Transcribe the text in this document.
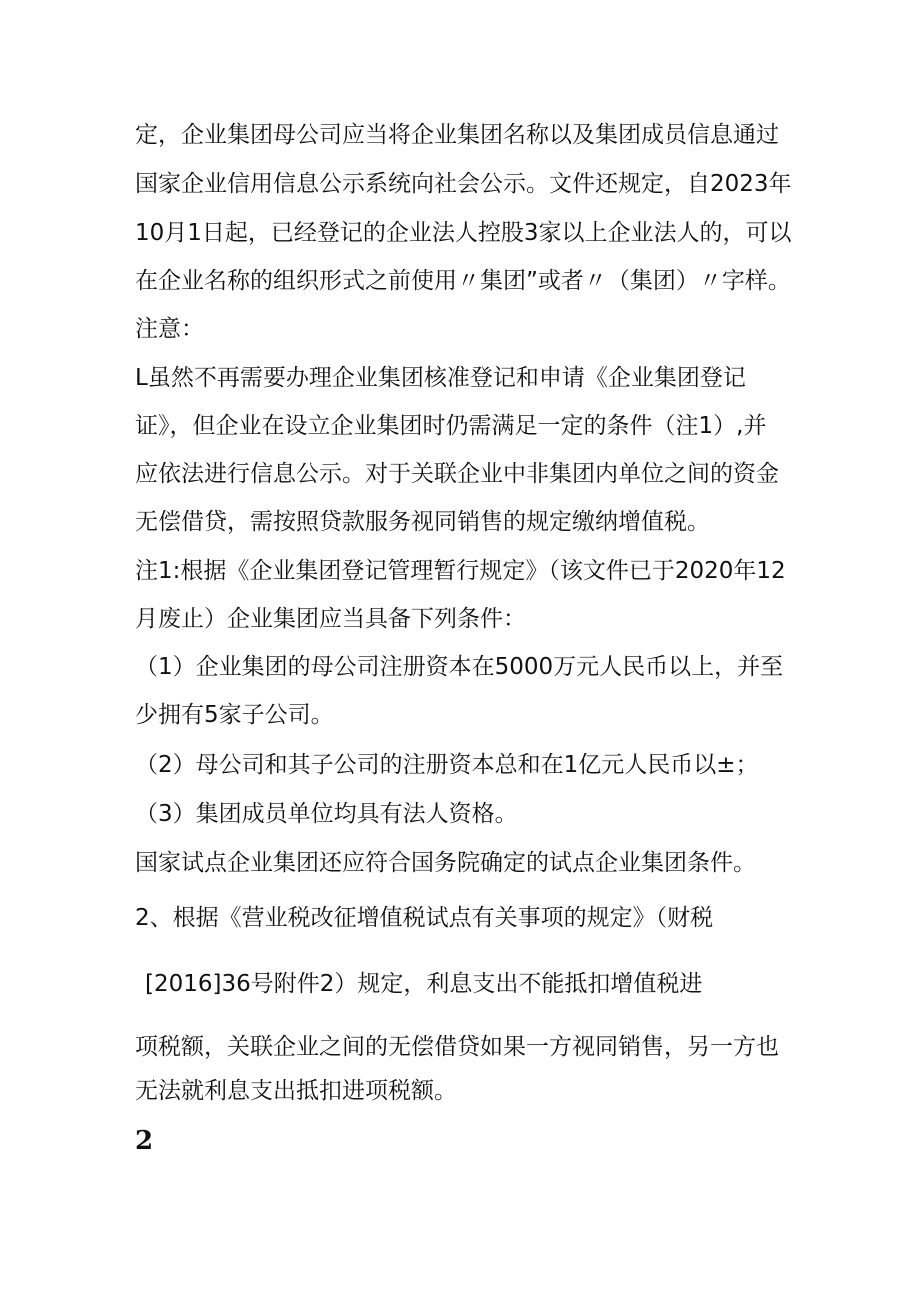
定，企业集团母公司应当将企业集团名称以及集团成员信息通过
国家企业信用信息公示系统向社会公示。文件还规定，自2023年
10月1日起，已经登记的企业法人控股3家以上企业法人的，可以
在企业名称的组织形式之前使用〃集团”或者〃（集团）〃字样。
注意：
L虽然不再需要办理企业集团核准登记和申请《企业集团登记
证》，但企业在设立企业集团时仍需满足一定的条件（注1）,并
应依法进行信息公示。对于关联企业中非集团内单位之间的资金
无偿借贷，需按照贷款服务视同销售的规定缴纳增值税。
注1:根据《企业集团登记管理暂行规定》（该文件已于2020年12
月废止）企业集团应当具备下列条件：
（1）企业集团的母公司注册资本在5000万元人民币以上，并至
少拥有5家子公司。
（2）母公司和其子公司的注册资本总和在1亿元人民币以±；
（3）集团成员单位均具有法人资格。
国家试点企业集团还应符合国务院确定的试点企业集团条件。
2、根据《营业税改征增值税试点有关事项的规定》（财税
[2016]36号附件2）规定，利息支出不能抵扣增值税进
项税额，关联企业之间的无偿借贷如果一方视同销售，另一方也
无法就利息支出抵扣进项税额。
2
